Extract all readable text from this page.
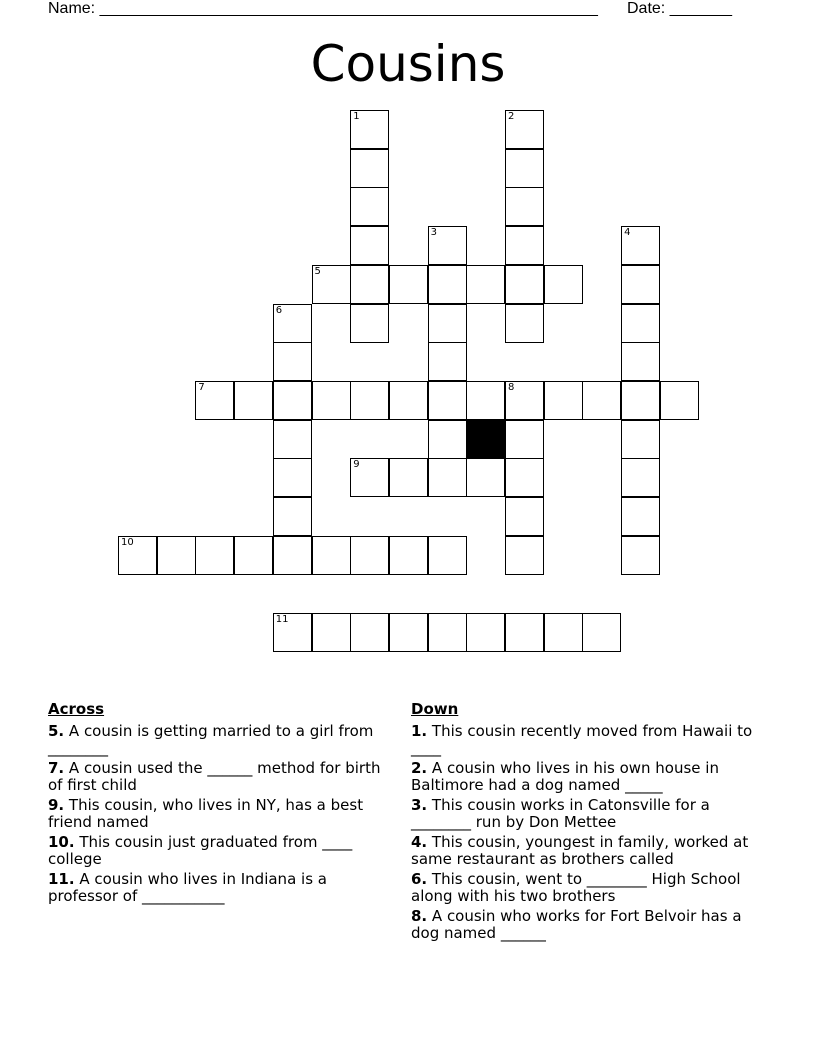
Name: ________________________________________________________ Date: _______
Cousins
1	2
3	4
5
6
7	8
9
10
11
Across
5. A cousin is getting married to a girl from ________
7. A cousin used the ______ method for birth of first child
9. This cousin, who lives in NY, has a best friend named
10. This cousin just graduated from ____ college
11. A cousin who lives in Indiana is a professor of ___________
Down
1. This cousin recently moved from Hawaii to ____
2. A cousin who lives in his own house in Baltimore had a dog named _____
3. This cousin works in Catonsville for a ________ run by Don Mettee
4. This cousin, youngest in family, worked at same restaurant as brothers called
6. This cousin, went to ________ High School along with his two brothers
8. A cousin who works for Fort Belvoir has a dog named ______
